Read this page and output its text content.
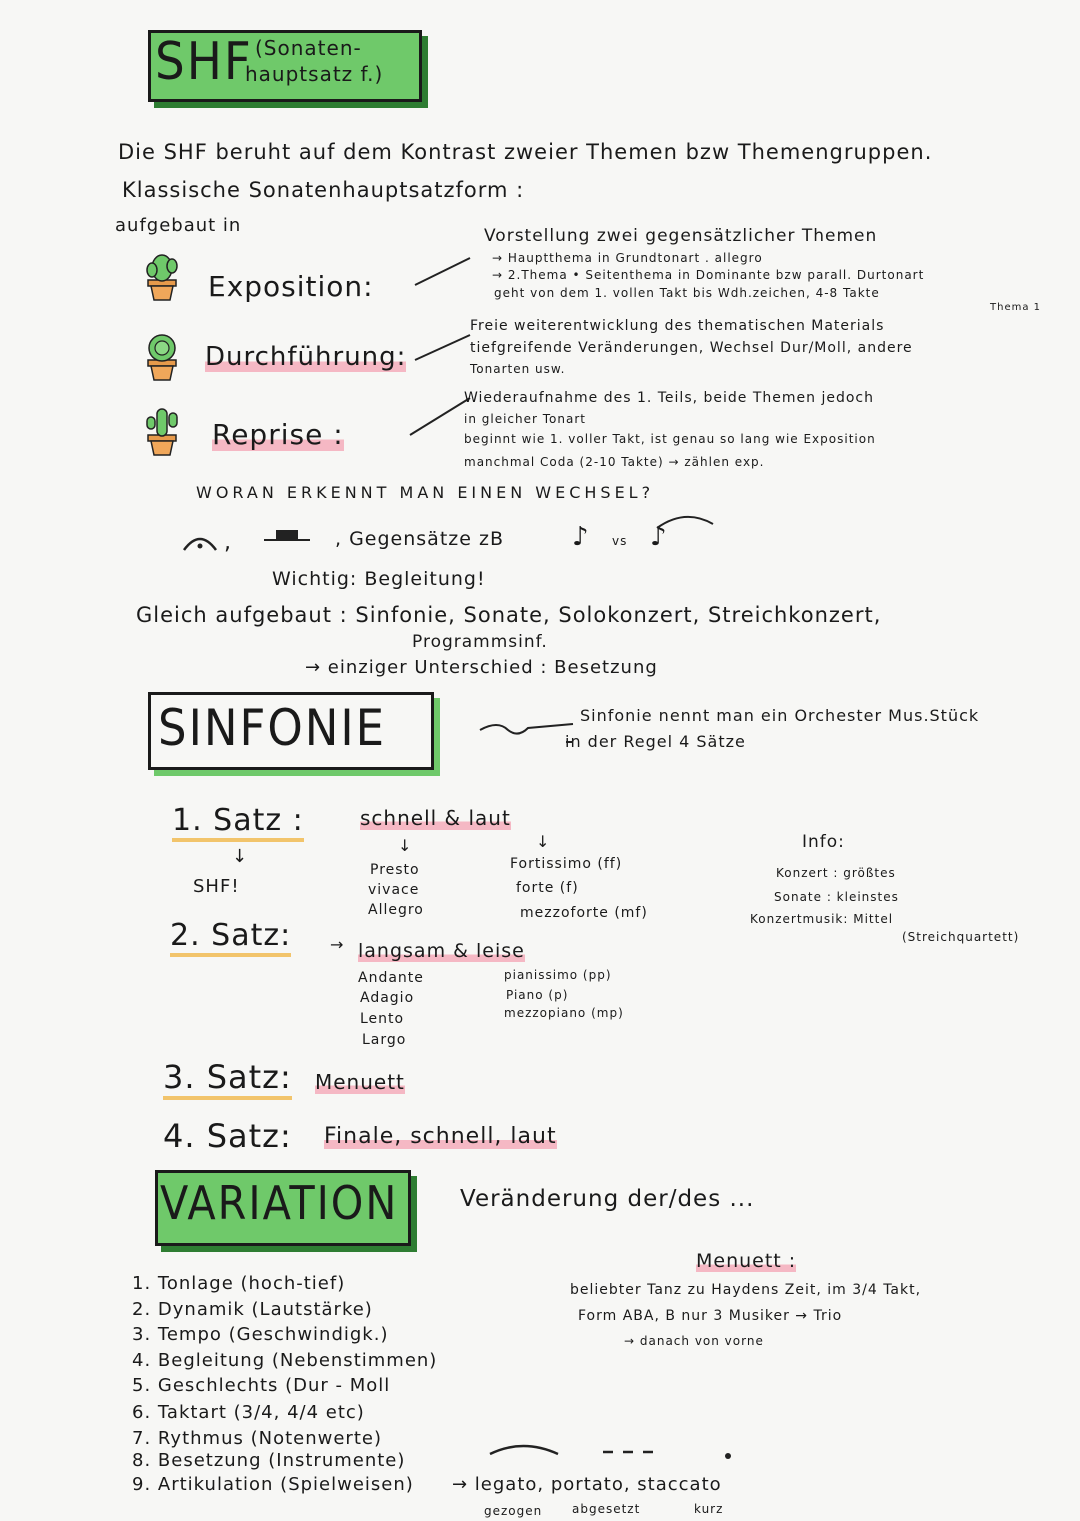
SHF (Sonaten-
hauptsatz f.)
Die SHF beruht auf dem Kontrast zweier Themen bzw Themengruppen.
Klassische Sonatenhauptsatzform :
aufgebaut in
Exposition:
Durchführung:
Reprise :
Vorstellung zwei gegensätzlicher Themen
→ Hauptthema in Grundtonart . allegro
→ 2.Thema • Seitenthema in Dominante bzw parall. Durtonart
geht von dem 1. vollen Takt bis Wdh.zeichen, 4-8 Takte
Thema 1
Freie weiterentwicklung des thematischen Materials
tiefgreifende Veränderungen, Wechsel Dur/Moll, andere
Tonarten usw.
Wiederaufnahme des 1. Teils, beide Themen jedoch
in gleicher Tonart
beginnt wie 1. voller Takt, ist genau so lang wie Exposition
manchmal Coda (2-10 Takte) → zählen exp.
WORAN ERKENNT MAN EINEN WECHSEL?
,	, Gegensätze zB	♪ vs ♪
Wichtig: Begleitung!
Gleich aufgebaut : Sinfonie, Sonate, Solokonzert, Streichkonzert,
Programmsinf.
→ einziger Unterschied : Besetzung
SINFONIE	Sinfonie nennt man ein Orchester Mus.Stück
in der Regel 4 Sätze
1. Satz :	schnell & laut
↓
SHF!
↓	↓
Presto
vivace
Allegro
Fortissimo (ff)
forte (f)
mezzoforte (mf)
2. Satz: → langsam & leise
Andante
Adagio
Lento
Largo
pianissimo (pp)
Piano (p)
mezzopiano (mp)
Info:
Konzert : größtes
Sonate : kleinstes
Konzertmusik: Mittel
(Streichquartett)
3. Satz: Menuett
4. Satz: Finale, schnell, laut
VARIATION	Veränderung der/des ...
1. Tonlage (hoch-tief)
2. Dynamik (Lautstärke)
3. Tempo (Geschwindigk.)
4. Begleitung (Nebenstimmen)
5. Geschlechts (Dur - Moll
6. Taktart (3/4, 4/4 etc)
7. Rythmus (Notenwerte)
8. Besetzung (Instrumente)
9. Artikulation (Spielweisen) → legato, portato, staccato
gezogen abgesetzt	kurz
Menuett :
beliebter Tanz zu Haydens Zeit, im 3/4 Takt,
Form ABA, B nur 3 Musiker → Trio
→ danach von vorne
